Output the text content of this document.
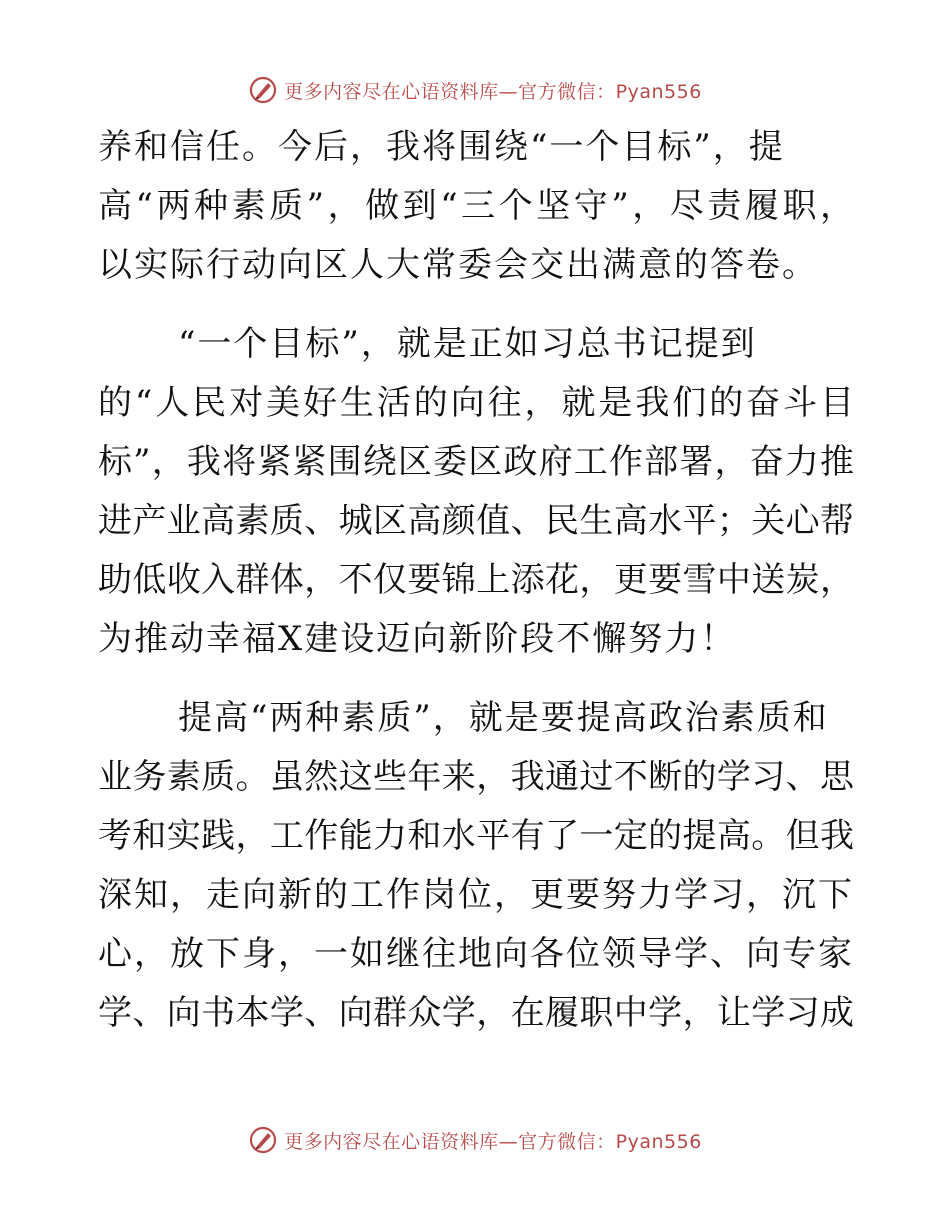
更多内容尽在心语资料库—官方微信：Pyan556
养和信任。今后，我将围绕“一个目标”，提
高“两种素质”，做到“三个坚守”，尽责履职，
以实际行动向区人大常委会交出满意的答卷。
“一个目标”，就是正如习总书记提到
的“人民对美好生活的向往，就是我们的奋斗目
标”，我将紧紧围绕区委区政府工作部署，奋力推
进产业高素质、城区高颜值、民生高水平；关心帮
助低收入群体，不仅要锦上添花，更要雪中送炭，
为推动幸福X建设迈向新阶段不懈努力！
提高“两种素质”，就是要提高政治素质和
业务素质。虽然这些年来，我通过不断的学习、思
考和实践，工作能力和水平有了一定的提高。但我
深知，走向新的工作岗位，更要努力学习，沉下
心，放下身，一如继往地向各位领导学、向专家
学、向书本学、向群众学，在履职中学，让学习成
更多内容尽在心语资料库—官方微信：Pyan556
